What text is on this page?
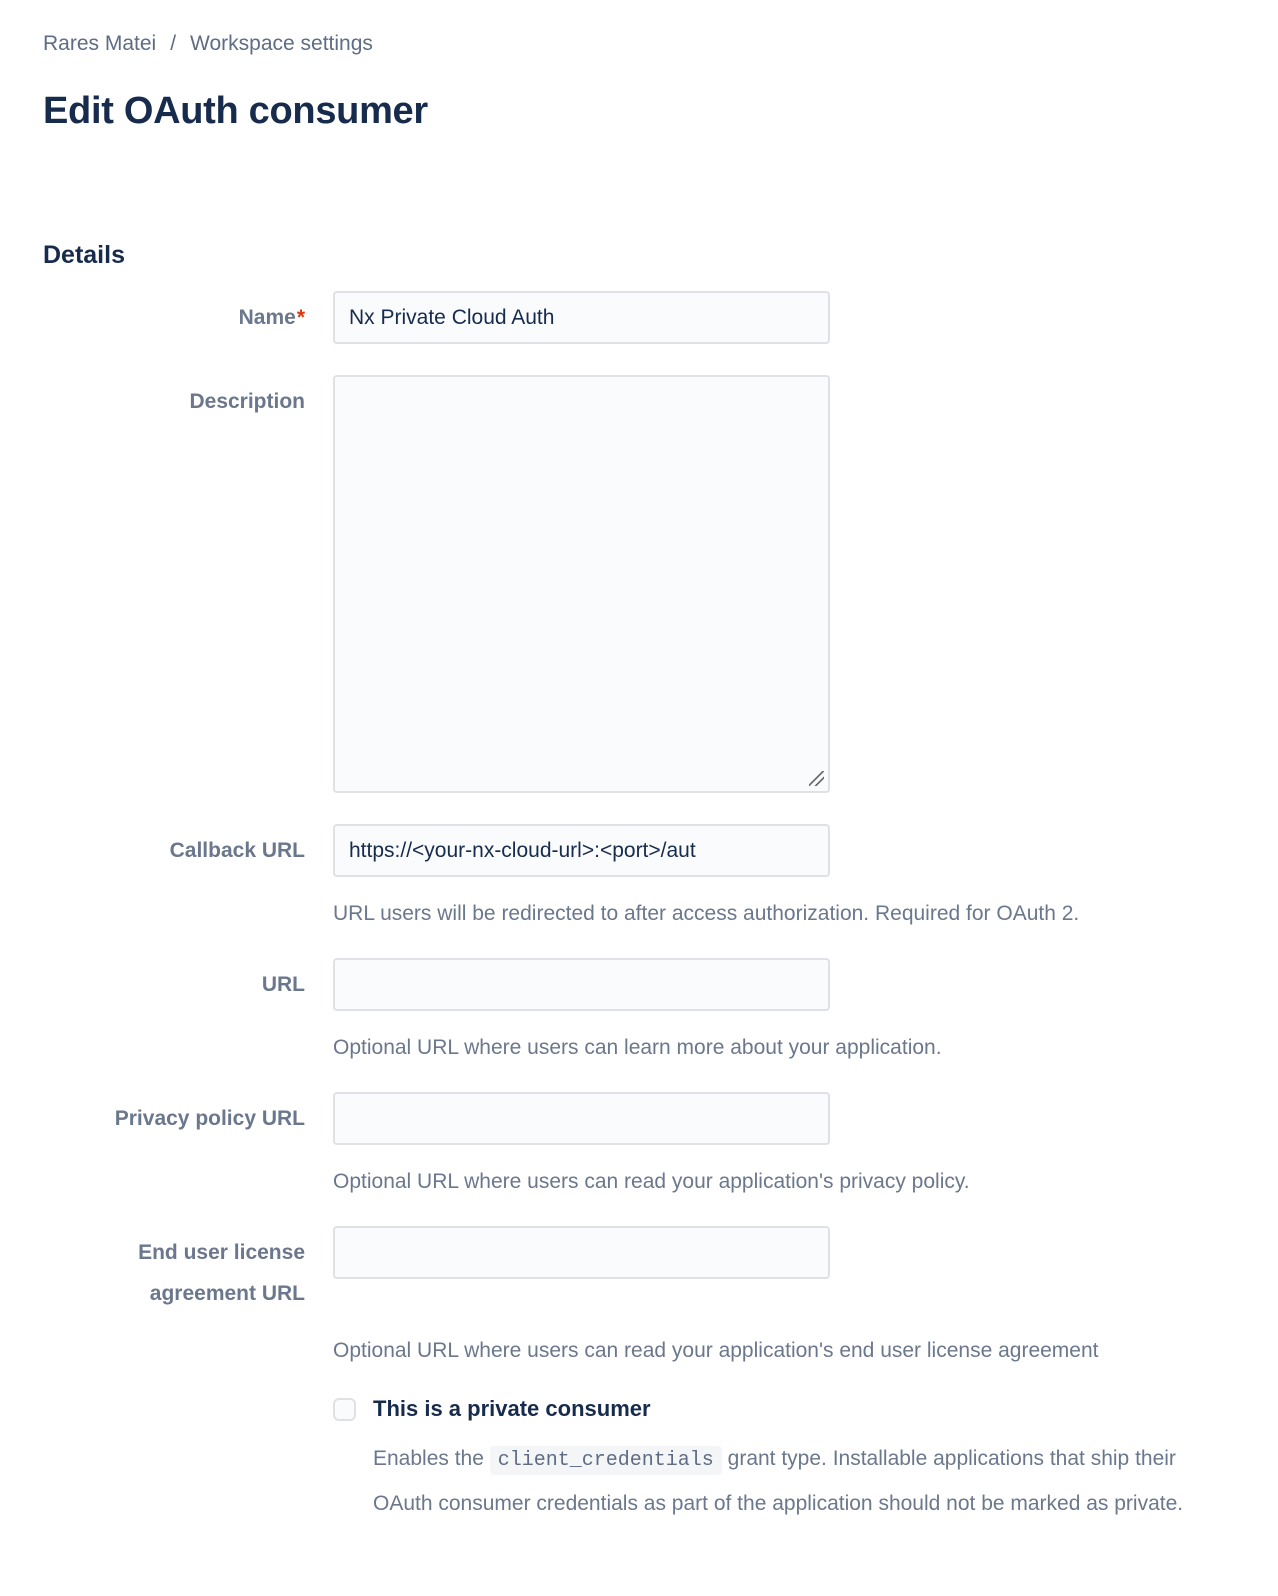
Rares Matei / Workspace settings
Edit OAuth consumer
Details
Name*
Nx Private Cloud Auth
Description
Callback URL
https://<your-nx-cloud-url>:<port>/aut
URL users will be redirected to after access authorization. Required for OAuth 2.
URL
Optional URL where users can learn more about your application.
Privacy policy URL
Optional URL where users can read your application's privacy policy.
End user license agreement URL
Optional URL where users can read your application's end user license agreement
This is a private consumer

Enables the client_credentials grant type. Installable applications that ship their OAuth consumer credentials as part of the application should not be marked as private.
